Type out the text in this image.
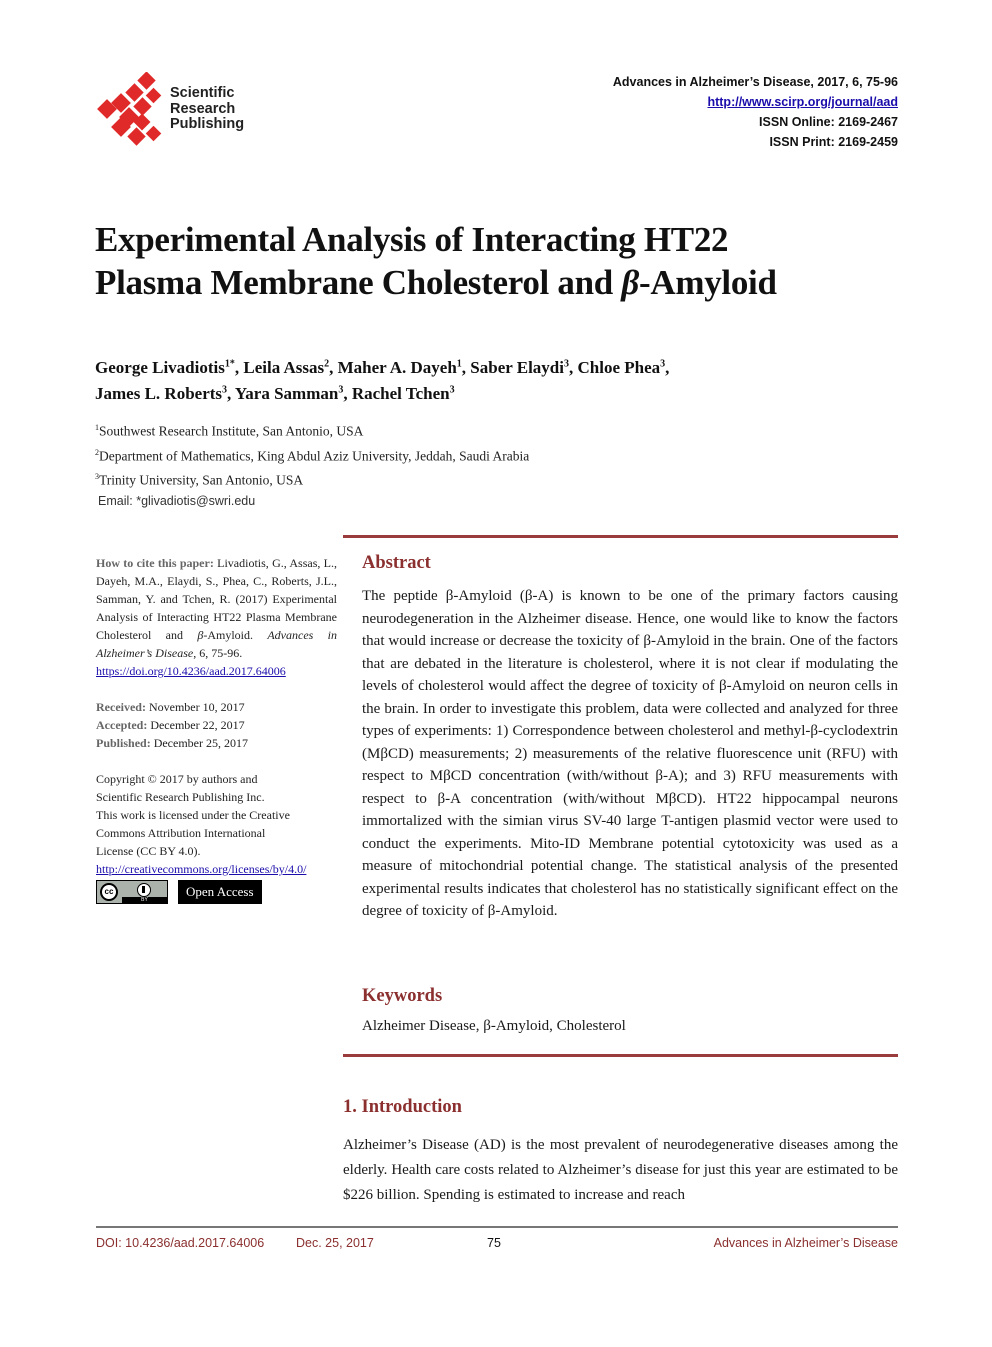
Scientific
Research
Publishing
Advances in Alzheimer’s Disease, 2017, 6, 75-96
http://www.scirp.org/journal/aad
ISSN Online: 2169-2467
ISSN Print: 2169-2459
Experimental Analysis of Interacting HT22
Plasma Membrane Cholesterol and β-Amyloid
George Livadiotis$^{1*}$, Leila Assas$^2$, Maher A. Dayeh$^1$, Saber Elaydi$^3$, Chloe Phea$^3$,
James L. Roberts$^3$, Yara Samman$^3$, Rachel Tchen$^3$
$^1$Southwest Research Institute, San Antonio, USA
$^2$Department of Mathematics, King Abdul Aziz University, Jeddah, Saudi Arabia
$^3$Trinity University, San Antonio, USA
Email: *glivadiotis@swri.edu
How to cite this paper: Livadiotis, G., Assas, L., Dayeh, M.A., Elaydi, S., Phea, C., Roberts, J.L., Samman, Y. and Tchen, R. (2017) Experimental Analysis of Interacting HT22 Plasma Membrane Cholesterol and β-Amyloid. Advances in Alzheimer’s Disease, 6, 75-96.
https://doi.org/10.4236/aad.2017.64006
Received: November 10, 2017
Accepted: December 22, 2017
Published: December 25, 2017
Copyright © 2017 by authors and
Scientific Research Publishing Inc.
This work is licensed under the Creative
Commons Attribution International
License (CC BY 4.0).
http://creativecommons.org/licenses/by/4.0/
cc
BY
Open Access
Abstract
The peptide β-Amyloid (β-A) is known to be one of the primary factors causing neurodegeneration in the Alzheimer disease. Hence, one would like to know the factors that would increase or decrease the toxicity of β-Amyloid in the brain. One of the factors that are debated in the literature is cholesterol, where it is not clear if modulating the levels of cholesterol would affect the degree of toxicity of β-Amyloid on neuron cells in the brain. In order to investigate this problem, data were collected and analyzed for three types of experiments: 1) Correspondence between cholesterol and methyl-β-cyclodextrin (MβCD) measurements; 2) measurements of the relative fluorescence unit (RFU) with respect to MβCD concentration (with/without β-A); and 3) RFU measurements with respect to β-A concentration (with/without MβCD). HT22 hippocampal neurons immortalized with the simian virus SV-40 large T-antigen plasmid vector were used to conduct the experiments. Mito-ID Membrane potential cytotoxicity was used as a measure of mitochondrial potential change. The statistical analysis of the presented experimental results indicates that cholesterol has no statistically significant effect on the degree of toxicity of β-Amyloid.
Keywords
Alzheimer Disease, β-Amyloid, Cholesterol
1. Introduction
Alzheimer’s Disease (AD) is the most prevalent of neurodegenerative diseases among the elderly. Health care costs related to Alzheimer’s disease for just this year are estimated to be $226 billion. Spending is estimated to increase and reach
DOI: 10.4236/aad.2017.64006	Dec. 25, 2017	75	Advances in Alzheimer’s Disease
